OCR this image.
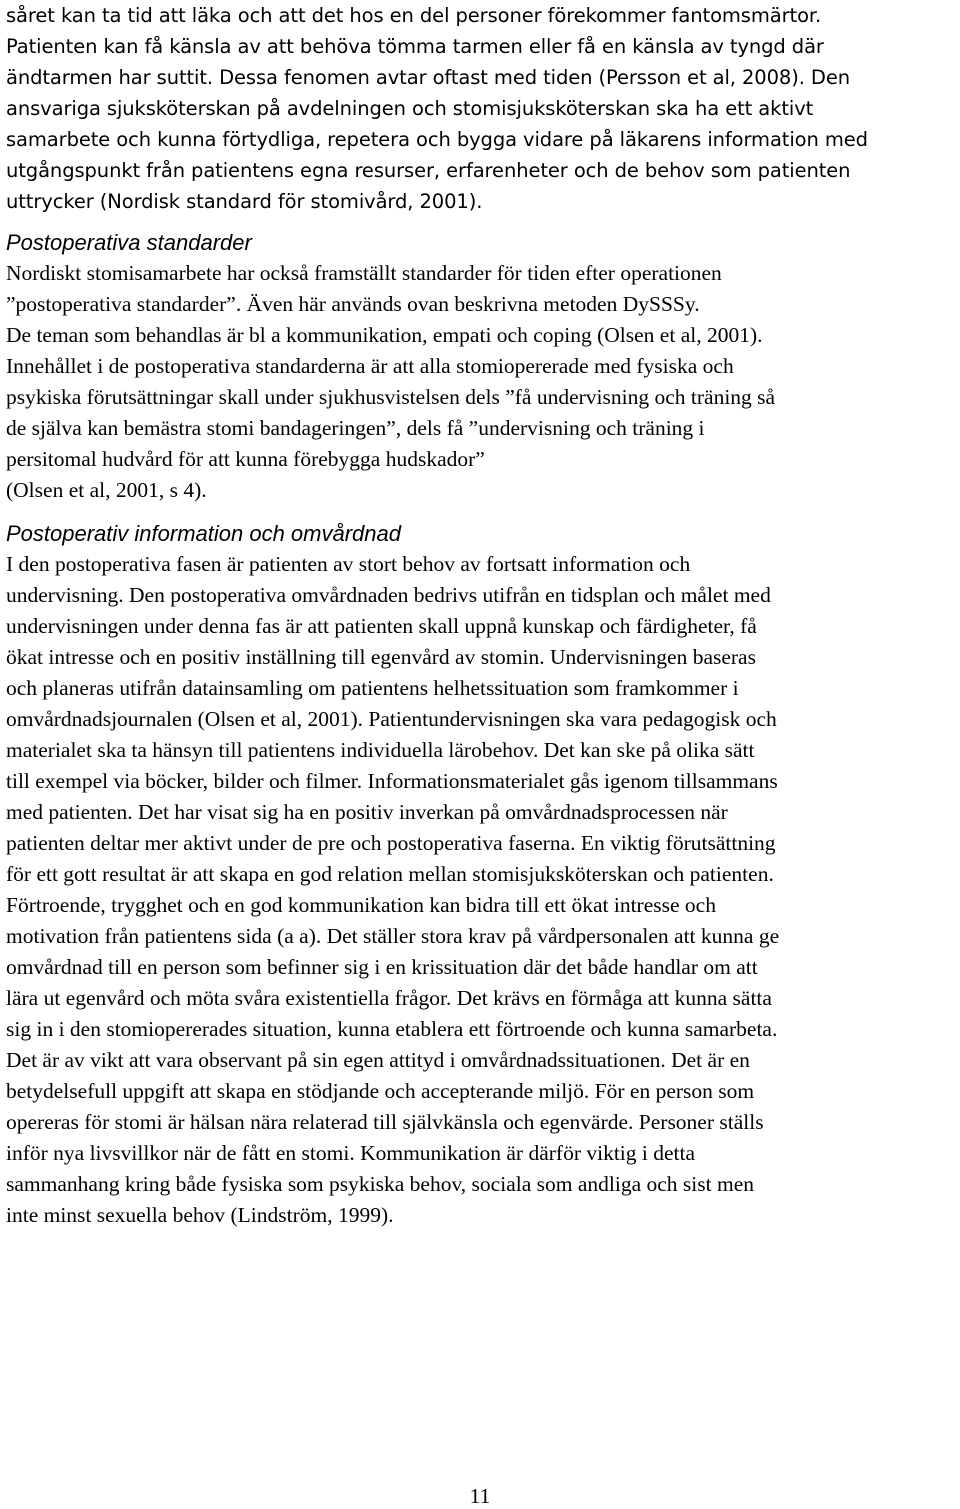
såret kan ta tid att läka och att det hos en del personer förekommer fantomsmärtor.
Patienten kan få känsla av att behöva tömma tarmen eller få en känsla av tyngd där
ändtarmen har suttit. Dessa fenomen avtar oftast med tiden (Persson et al, 2008). Den
ansvariga sjuksköterskan på avdelningen och stomisjuksköterskan ska ha ett aktivt
samarbete och kunna förtydliga, repetera och bygga vidare på läkarens information med
utgångspunkt från patientens egna resurser, erfarenheter och de behov som patienten
uttrycker (Nordisk standard för stomivård, 2001).
Postoperativa standarder
Nordiskt stomisamarbete har också framställt standarder för tiden efter operationen
”postoperativa standarder”. Även här används ovan beskrivna metoden DySSSy.
De teman som behandlas är bl a kommunikation, empati och coping (Olsen et al, 2001).
Innehållet i de postoperativa standarderna är att alla stomiopererade med fysiska och
psykiska förutsättningar skall under sjukhusvistelsen dels ”få undervisning och träning så
de själva kan bemästra stomi bandageringen”, dels få ”undervisning och träning i
persitomal hudvård för att kunna förebygga hudskador”
(Olsen et al, 2001, s 4).
Postoperativ information och omvårdnad
I den postoperativa fasen är patienten av stort behov av fortsatt information och
undervisning. Den postoperativa omvårdnaden bedrivs utifrån en tidsplan och målet med
undervisningen under denna fas är att patienten skall uppnå kunskap och färdigheter, få
ökat intresse och en positiv inställning till egenvård av stomin. Undervisningen baseras
och planeras utifrån datainsamling om patientens helhetssituation som framkommer i
omvårdnadsjournalen (Olsen et al, 2001). Patientundervisningen ska vara pedagogisk och
materialet ska ta hänsyn till patientens individuella lärobehov. Det kan ske på olika sätt
till exempel via böcker, bilder och filmer. Informationsmaterialet gås igenom tillsammans
med patienten. Det har visat sig ha en positiv inverkan på omvårdnadsprocessen när
patienten deltar mer aktivt under de pre och postoperativa faserna. En viktig förutsättning
för ett gott resultat är att skapa en god relation mellan stomisjuksköterskan och patienten.
Förtroende, trygghet och en god kommunikation kan bidra till ett ökat intresse och
motivation från patientens sida (a a). Det ställer stora krav på vårdpersonalen att kunna ge
omvårdnad till en person som befinner sig i en krissituation där det både handlar om att
lära ut egenvård och möta svåra existentiella frågor. Det krävs en förmåga att kunna sätta
sig in i den stomiopererades situation, kunna etablera ett förtroende och kunna samarbeta.
Det är av vikt att vara observant på sin egen attityd i omvårdnadssituationen. Det är en
betydelsefull uppgift att skapa en stödjande och accepterande miljö. För en person som
opereras för stomi är hälsan nära relaterad till självkänsla och egenvärde. Personer ställs
inför nya livsvillkor när de fått en stomi. Kommunikation är därför viktig i detta
sammanhang kring både fysiska som psykiska behov, sociala som andliga och sist men
inte minst sexuella behov (Lindström, 1999).
11
